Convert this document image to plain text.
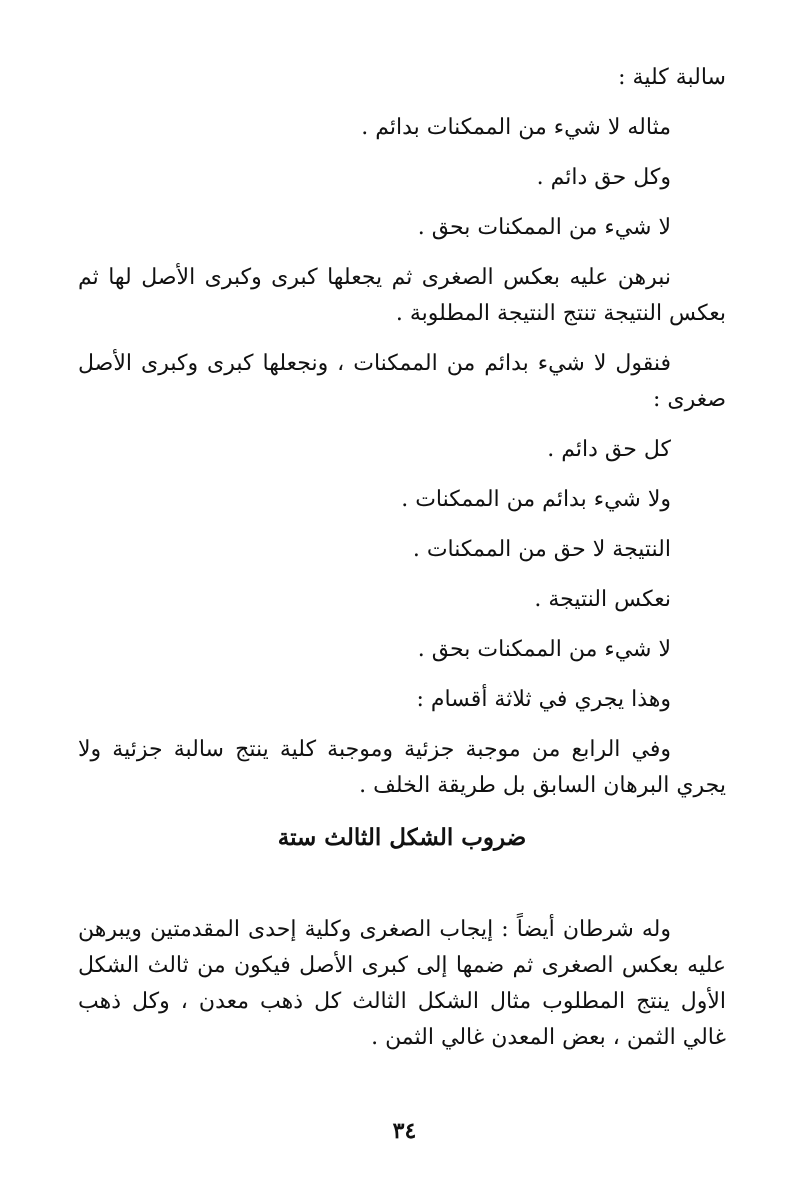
سالبة كلية :

مثاله لا شيء من الممكنات بدائم .

وكل حق دائم .

لا شيء من الممكنات بحق .

نبرهن عليه بعكس الصغرى ثم يجعلها كبرى وكبرى الأصل لها ثم بعكس النتيجة تنتج النتيجة المطلوبة .

فنقول لا شيء بدائم من الممكنات ، ونجعلها كبرى وكبرى الأصل صغرى :

كل حق دائم .

ولا شيء بدائم من الممكنات .

النتيجة لا حق من الممكنات .

نعكس النتيجة .

لا شيء من الممكنات بحق .

وهذا يجري في ثلاثة أقسام :

وفي الرابع من موجبة جزئية وموجبة كلية ينتج سالبة جزئية ولا يجري البرهان السابق بل طريقة الخلف .

ضروب الشكل الثالث ستة

وله شرطان أيضاً : إيجاب الصغرى وكلية إحدى المقدمتين ويبرهن عليه بعكس الصغرى ثم ضمها إلى كبرى الأصل فيكون من ثالث الشكل الأول ينتج المطلوب مثال الشكل الثالث كل ذهب معدن ، وكل ذهب غالي الثمن ، بعض المعدن غالي الثمن .

٣٤
